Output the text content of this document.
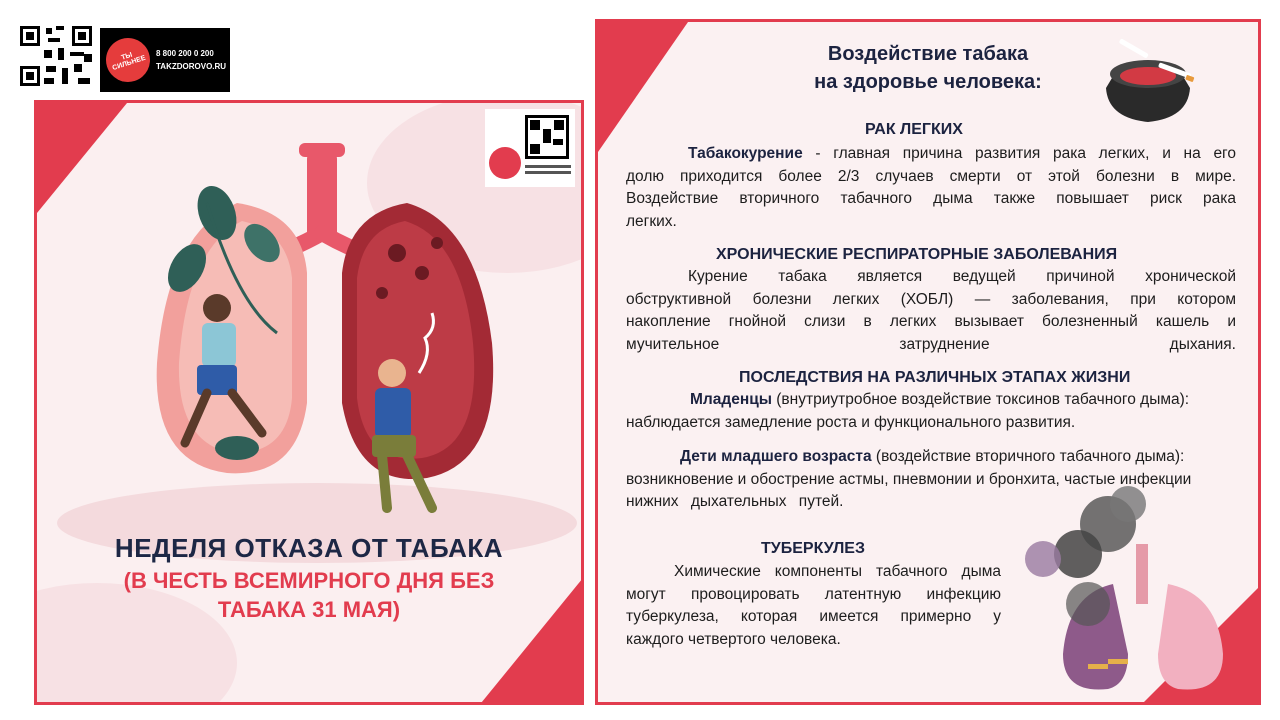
ТЫ СИЛЬНЕЕ
8 800 200 0 200
TAKZDOROVO.RU
НЕДЕЛЯ ОТКАЗА ОТ ТАБАКА
(В ЧЕСТЬ ВСЕМИРНОГО ДНЯ БЕЗ
ТАБАКА 31 МАЯ)
Воздействие табака
на здоровье человека:
РАК ЛЕГКИХ
Табакокурение - главная причина развития рака легких, и на его
долю приходится более 2/3 случаев смерти от этой болезни в мире.
Воздействие вторичного табачного дыма также повышает риск рака
легких.
ХРОНИЧЕСКИЕ РЕСПИРАТОРНЫЕ ЗАБОЛЕВАНИЯ
Курение табака является ведущей причиной хронической
обструктивной болезни легких (ХОБЛ) — заболевания, при котором
накопление гнойной слизи в легких вызывает болезненный кашель и
мучительное затруднение дыхания.
ПОСЛЕДСТВИЯ НА РАЗЛИЧНЫХ ЭТАПАХ ЖИЗНИ
Младенцы (внутриутробное воздействие токсинов табачного дыма):
наблюдается замедление роста и функционального развития.
Дети младшего возраста (воздействие вторичного табачного дыма):
возникновение и обострение астмы, пневмонии и бронхита, частые инфекции
нижних дыхательных путей.
ТУБЕРКУЛЕЗ
Химические компоненты табачного дыма
могут провоцировать латентную инфекцию
туберкулеза, которая имеется примерно у
каждого четвертого человека.
